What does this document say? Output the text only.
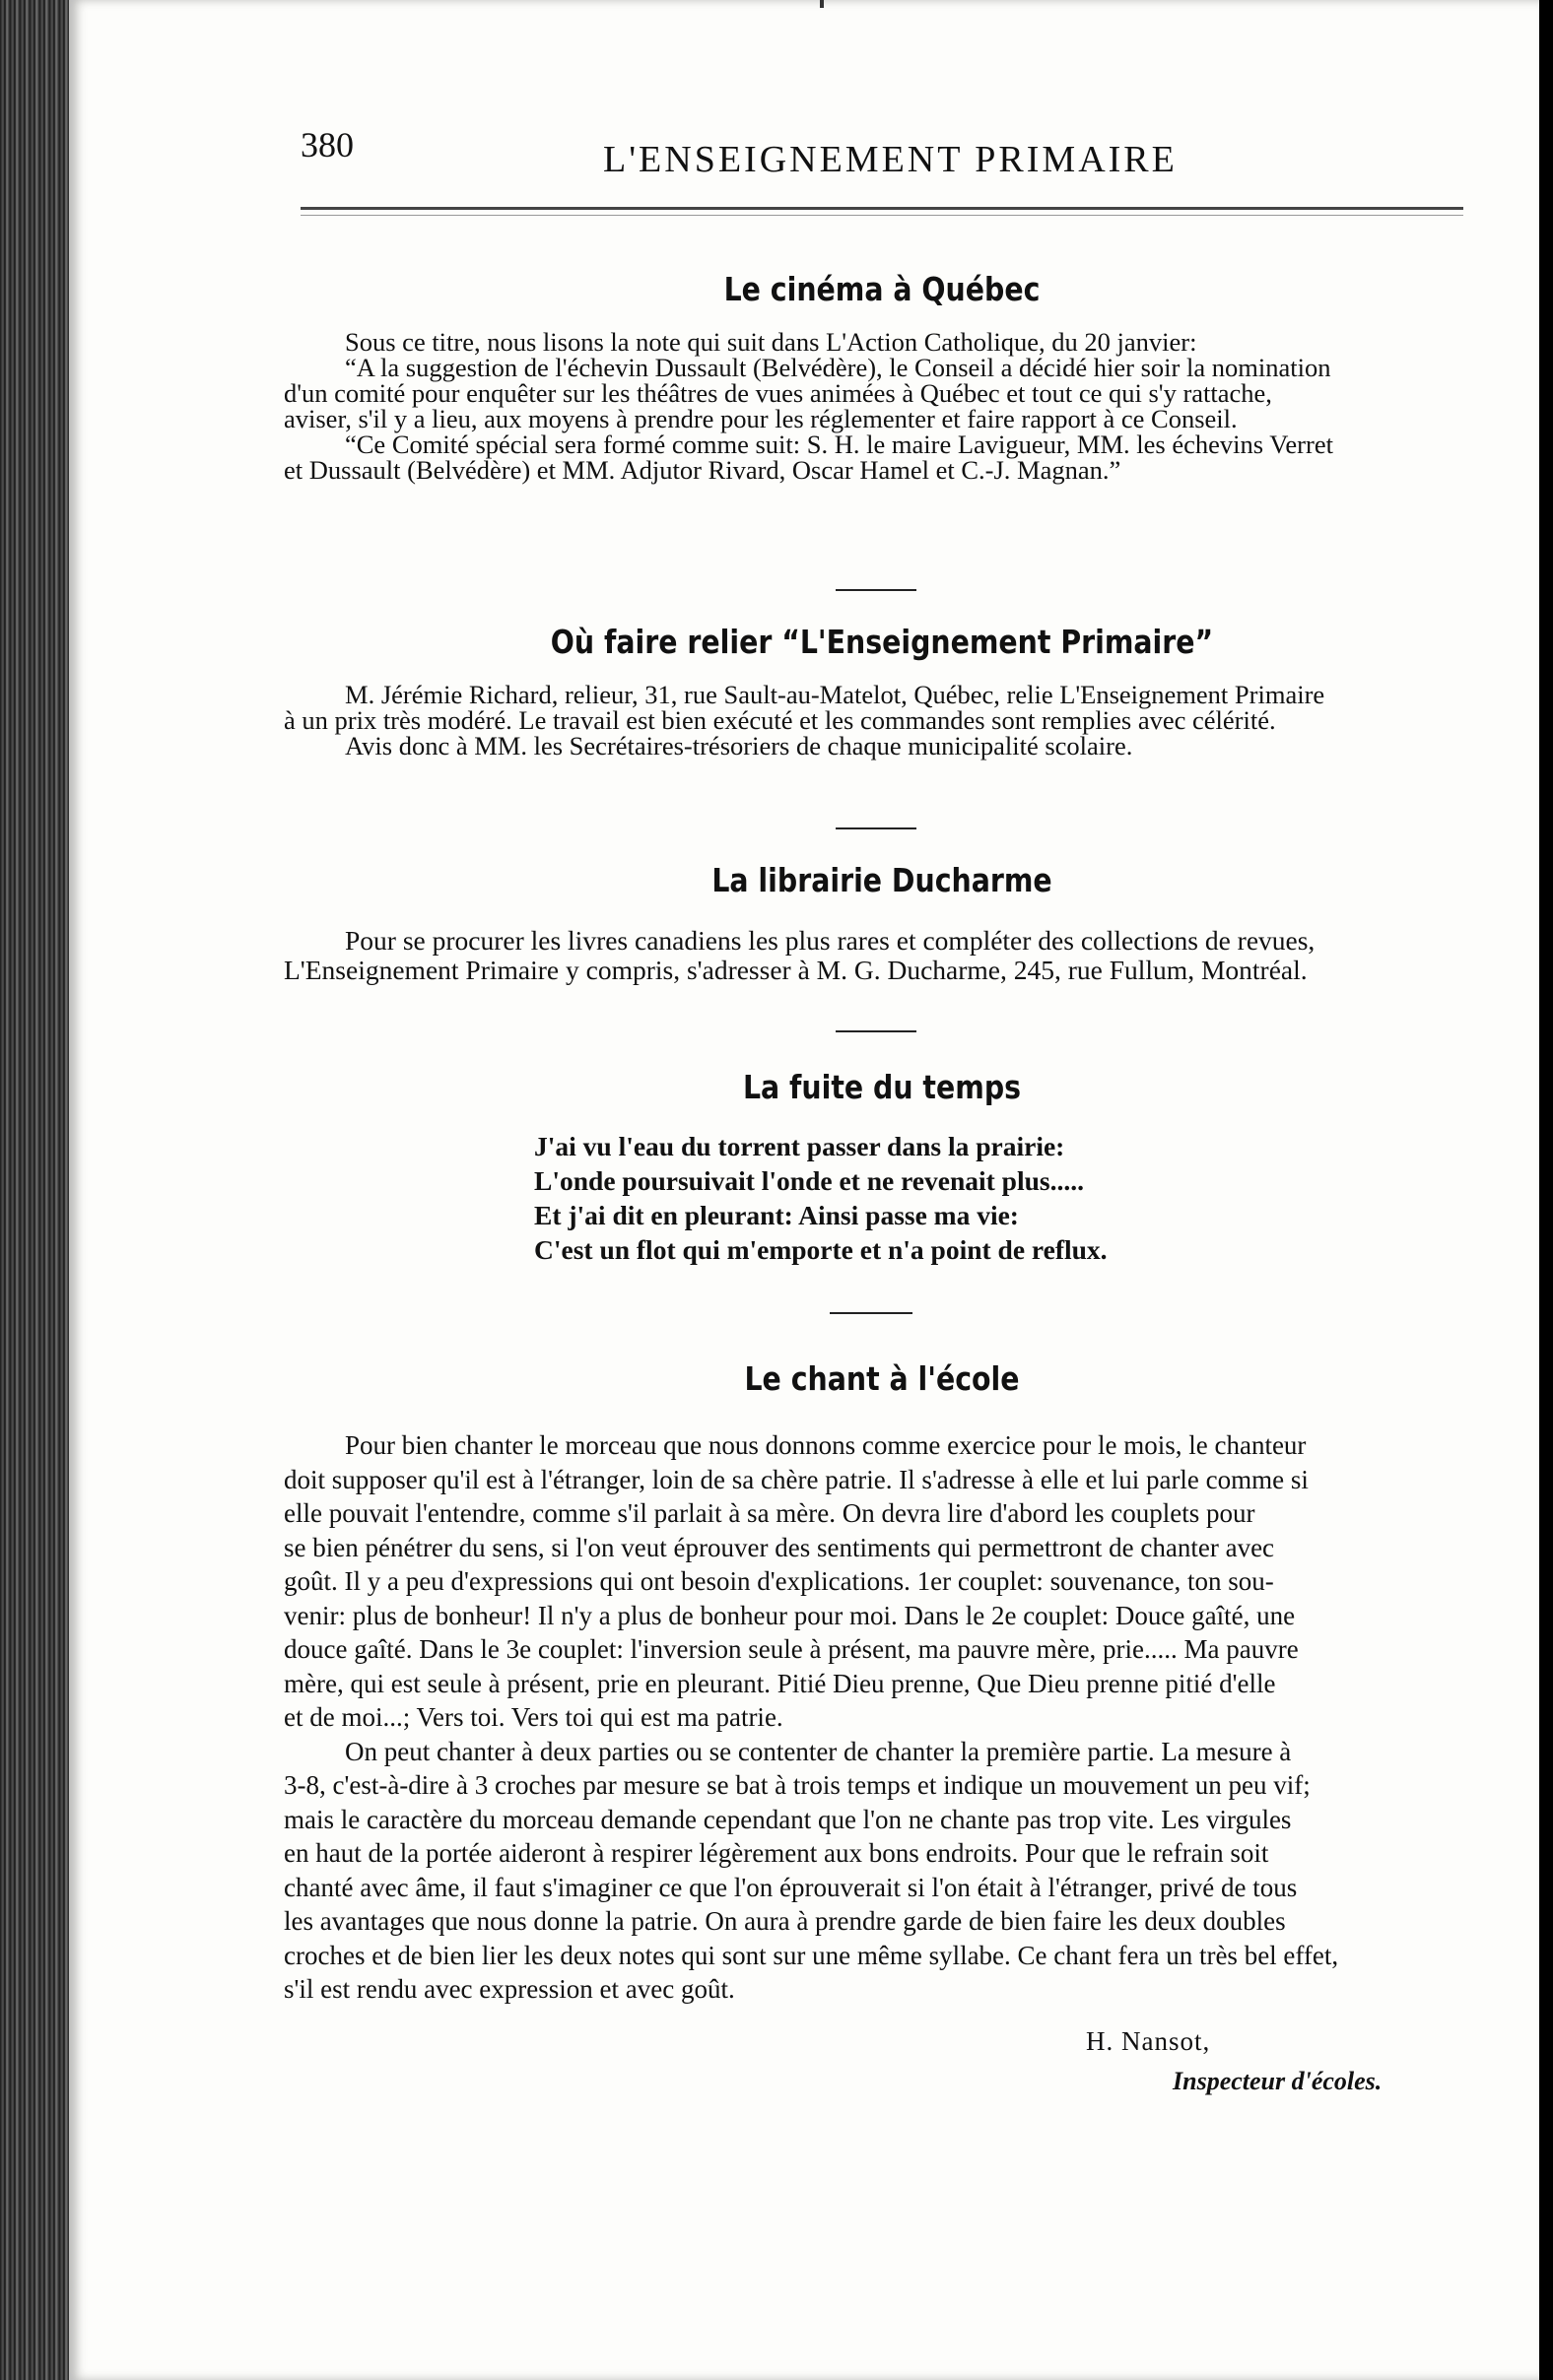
380	L'ENSEIGNEMENT PRIMAIRE
Le cinéma à Québec
Sous ce titre, nous lisons la note qui suit dans L'Action Catholique, du 20 janvier:
“A la suggestion de l'échevin Dussault (Belvédère), le Conseil a décidé hier soir la nomination
d'un comité pour enquêter sur les théâtres de vues animées à Québec et tout ce qui s'y rattache,
aviser, s'il y a lieu, aux moyens à prendre pour les réglementer et faire rapport à ce Conseil.
“Ce Comité spécial sera formé comme suit: S. H. le maire Lavigueur, MM. les échevins Verret
et Dussault (Belvédère) et MM. Adjutor Rivard, Oscar Hamel et C.-J. Magnan.”
Où faire relier “L'Enseignement Primaire”
M. Jérémie Richard, relieur, 31, rue Sault-au-Matelot, Québec, relie L'Enseignement Primaire
à un prix très modéré. Le travail est bien exécuté et les commandes sont remplies avec célérité.
Avis donc à MM. les Secrétaires-trésoriers de chaque municipalité scolaire.
La librairie Ducharme
Pour se procurer les livres canadiens les plus rares et compléter des collections de revues,
L'Enseignement Primaire y compris, s'adresser à M. G. Ducharme, 245, rue Fullum, Montréal.
La fuite du temps
J'ai vu l'eau du torrent passer dans la prairie:
L'onde poursuivait l'onde et ne revenait plus.....
Et j'ai dit en pleurant: Ainsi passe ma vie:
C'est un flot qui m'emporte et n'a point de reflux.
Le chant à l'école
Pour bien chanter le morceau que nous donnons comme exercice pour le mois, le chanteur
doit supposer qu'il est à l'étranger, loin de sa chère patrie. Il s'adresse à elle et lui parle comme si
elle pouvait l'entendre, comme s'il parlait à sa mère. On devra lire d'abord les couplets pour
se bien pénétrer du sens, si l'on veut éprouver des sentiments qui permettront de chanter avec
goût. Il y a peu d'expressions qui ont besoin d'explications. 1er couplet: souvenance, ton sou-
venir: plus de bonheur! Il n'y a plus de bonheur pour moi. Dans le 2e couplet: Douce gaîté, une
douce gaîté. Dans le 3e couplet: l'inversion seule à présent, ma pauvre mère, prie..... Ma pauvre
mère, qui est seule à présent, prie en pleurant. Pitié Dieu prenne, Que Dieu prenne pitié d'elle
et de moi...; Vers toi. Vers toi qui est ma patrie.
On peut chanter à deux parties ou se contenter de chanter la première partie. La mesure à
3-8, c'est-à-dire à 3 croches par mesure se bat à trois temps et indique un mouvement un peu vif;
mais le caractère du morceau demande cependant que l'on ne chante pas trop vite. Les virgules
en haut de la portée aideront à respirer légèrement aux bons endroits. Pour que le refrain soit
chanté avec âme, il faut s'imaginer ce que l'on éprouverait si l'on était à l'étranger, privé de tous
les avantages que nous donne la patrie. On aura à prendre garde de bien faire les deux doubles
croches et de bien lier les deux notes qui sont sur une même syllabe. Ce chant fera un très bel effet,
s'il est rendu avec expression et avec goût.
H. Nansot,
Inspecteur d'écoles.
